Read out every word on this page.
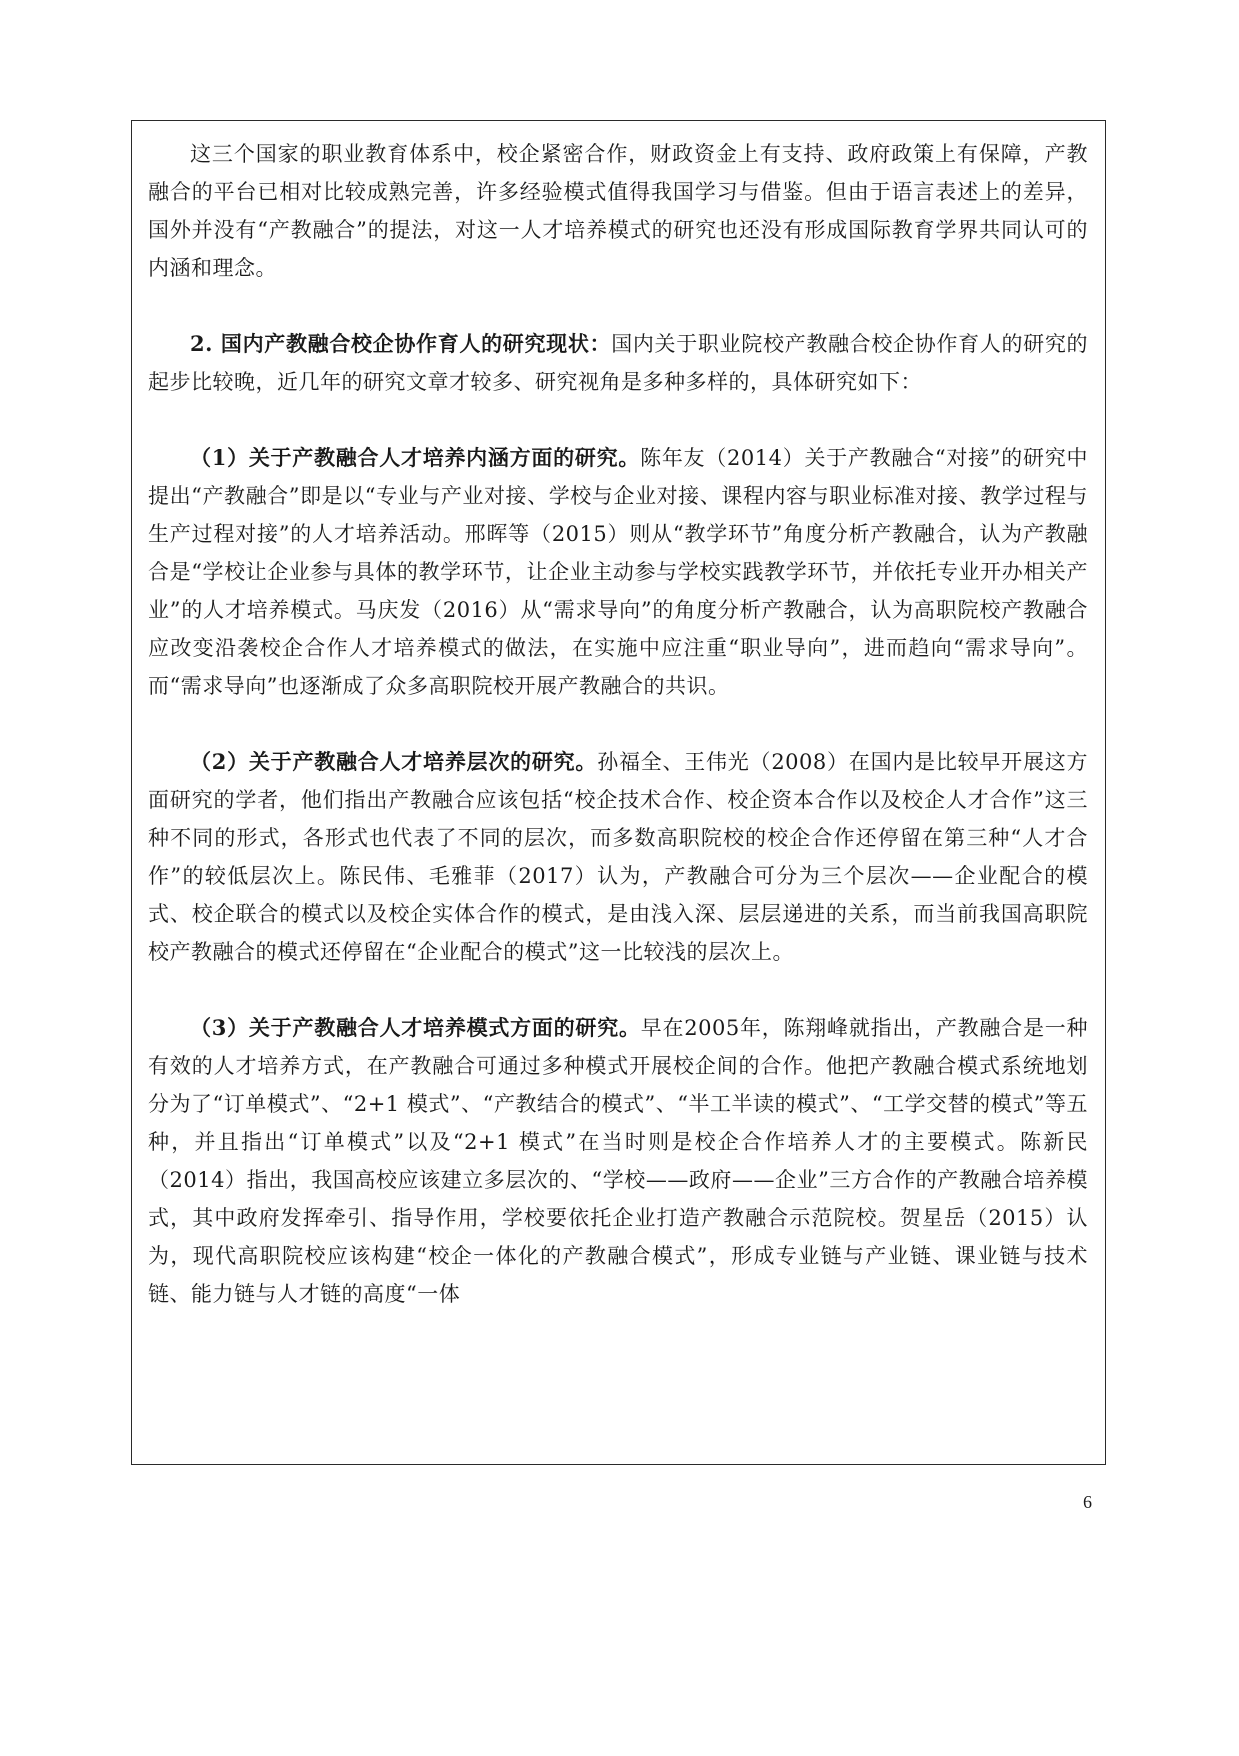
这三个国家的职业教育体系中，校企紧密合作，财政资金上有支持、政府政策上有保障，产教融合的平台已相对比较成熟完善，许多经验模式值得我国学习与借鉴。但由于语言表述上的差异，国外并没有“产教融合”的提法，对这一人才培养模式的研究也还没有形成国际教育学界共同认可的内涵和理念。

2. 国内产教融合校企协作育人的研究现状：国内关于职业院校产教融合校企协作育人的研究的起步比较晚，近几年的研究文章才较多、研究视角是多种多样的，具体研究如下：

（1）关于产教融合人才培养内涵方面的研究。陈年友（2014）关于产教融合“对接”的研究中提出“产教融合”即是以“专业与产业对接、学校与企业对接、课程内容与职业标准对接、教学过程与生产过程对接”的人才培养活动。邢晖等（2015）则从“教学环节”角度分析产教融合，认为产教融合是“学校让企业参与具体的教学环节，让企业主动参与学校实践教学环节，并依托专业开办相关产业”的人才培养模式。马庆发（2016）从“需求导向”的角度分析产教融合，认为高职院校产教融合应改变沿袭校企合作人才培养模式的做法，在实施中应注重“职业导向”，进而趋向“需求导向”。而“需求导向”也逐渐成了众多高职院校开展产教融合的共识。

（2）关于产教融合人才培养层次的研究。孙福全、王伟光（2008）在国内是比较早开展这方面研究的学者，他们指出产教融合应该包括“校企技术合作、校企资本合作以及校企人才合作”这三种不同的形式，各形式也代表了不同的层次，而多数高职院校的校企合作还停留在第三种“人才合作”的较低层次上。陈民伟、毛雅菲（2017）认为，产教融合可分为三个层次——企业配合的模式、校企联合的模式以及校企实体合作的模式，是由浅入深、层层递进的关系，而当前我国高职院校产教融合的模式还停留在“企业配合的模式”这一比较浅的层次上。

（3）关于产教融合人才培养模式方面的研究。早在2005年，陈翔峰就指出，产教融合是一种有效的人才培养方式，在产教融合可通过多种模式开展校企间的合作。他把产教融合模式系统地划分为了“订单模式”、“2+1 模式”、“产教结合的模式”、“半工半读的模式”、“工学交替的模式”等五种，并且指出“订单模式”以及“2+1 模式”在当时则是校企合作培养人才的主要模式。陈新民（2014）指出，我国高校应该建立多层次的、“学校——政府——企业”三方合作的产教融合培养模式，其中政府发挥牵引、指导作用，学校要依托企业打造产教融合示范院校。贺星岳（2015）认为，现代高职院校应该构建“校企一体化的产教融合模式”，形成专业链与产业链、课业链与技术链、能力链与人才链的高度“一体

6
